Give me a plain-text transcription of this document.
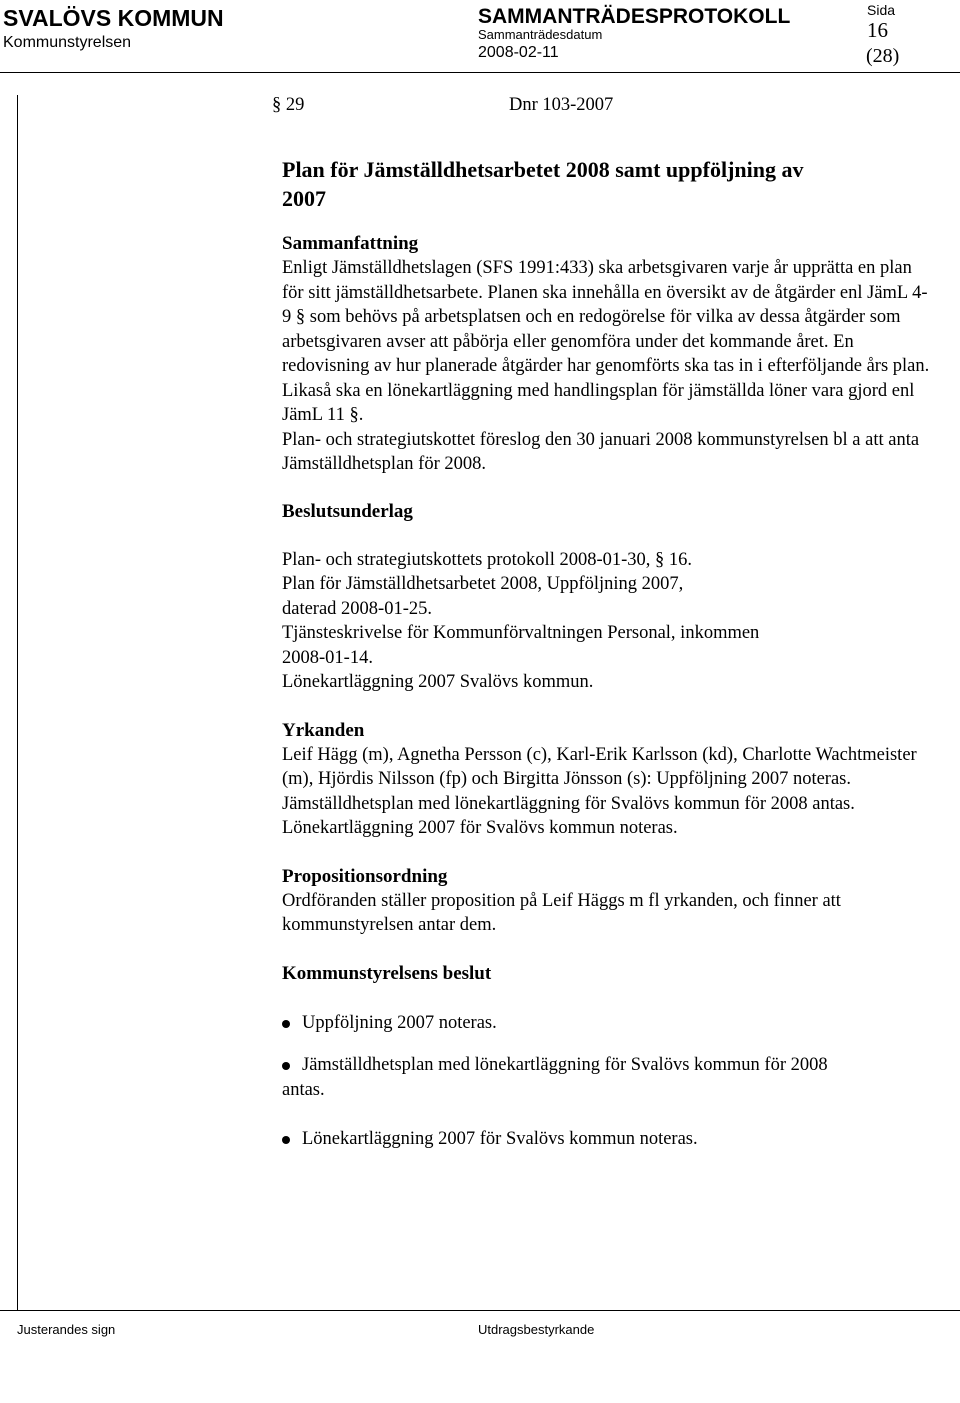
SVALÖVS KOMMUN
Kommunstyrelsen
SAMMANTRÄDESPROTOKOLL
Sammanträdesdatum
2008-02-11
Sida
16
(28)
§ 29	Dnr 103-2007
Plan för Jämställdhetsarbetet 2008 samt uppföljning av
2007
Sammanfattning

Enligt Jämställdhetslagen (SFS 1991:433) ska arbetsgivaren varje år upprätta en plan för sitt jämställdhetsarbete. Planen ska innehålla en översikt av de åtgärder enl JämL 4-9 § som behövs på arbetsplatsen och en redogörelse för vilka av dessa åtgärder som arbetsgivaren avser att påbörja eller genomföra under det kommande året. En redovisning av hur planerade åtgärder har genomförts ska tas in i efterföljande års plan.

Likaså ska en lönekartläggning med handlingsplan för jämställda löner vara gjord enl JämL 11 §.

Plan- och strategiutskottet föreslog den 30 januari 2008 kommunstyrelsen bl a att anta Jämställdhetsplan för 2008.

Beslutsunderlag
Plan- och strategiutskottets protokoll 2008-01-30, § 16.
Plan för Jämställdhetsarbetet 2008, Uppföljning 2007,
daterad 2008-01-25.
Tjänsteskrivelse för Kommunförvaltningen Personal, inkommen
2008-01-14.
Lönekartläggning 2007 Svalövs kommun.
Yrkanden

Leif Hägg (m), Agnetha Persson (c), Karl-Erik Karlsson (kd), Charlotte Wachtmeister (m), Hjördis Nilsson (fp) och Birgitta Jönsson (s): Uppföljning 2007 noteras. Jämställdhetsplan med lönekartläggning för Svalövs kommun för 2008 antas. Lönekartläggning 2007 för Svalövs kommun noteras.

Propositionsordning

Ordföranden ställer proposition på Leif Häggs m fl yrkanden, och finner att kommunstyrelsen antar dem.

Kommunstyrelsens beslut
Uppföljning 2007 noteras.
Jämställdhetsplan med lönekartläggning för Svalövs kommun för 2008
antas.
Lönekartläggning 2007 för Svalövs kommun noteras.
Justerandes sign	Utdragsbestyrkande
